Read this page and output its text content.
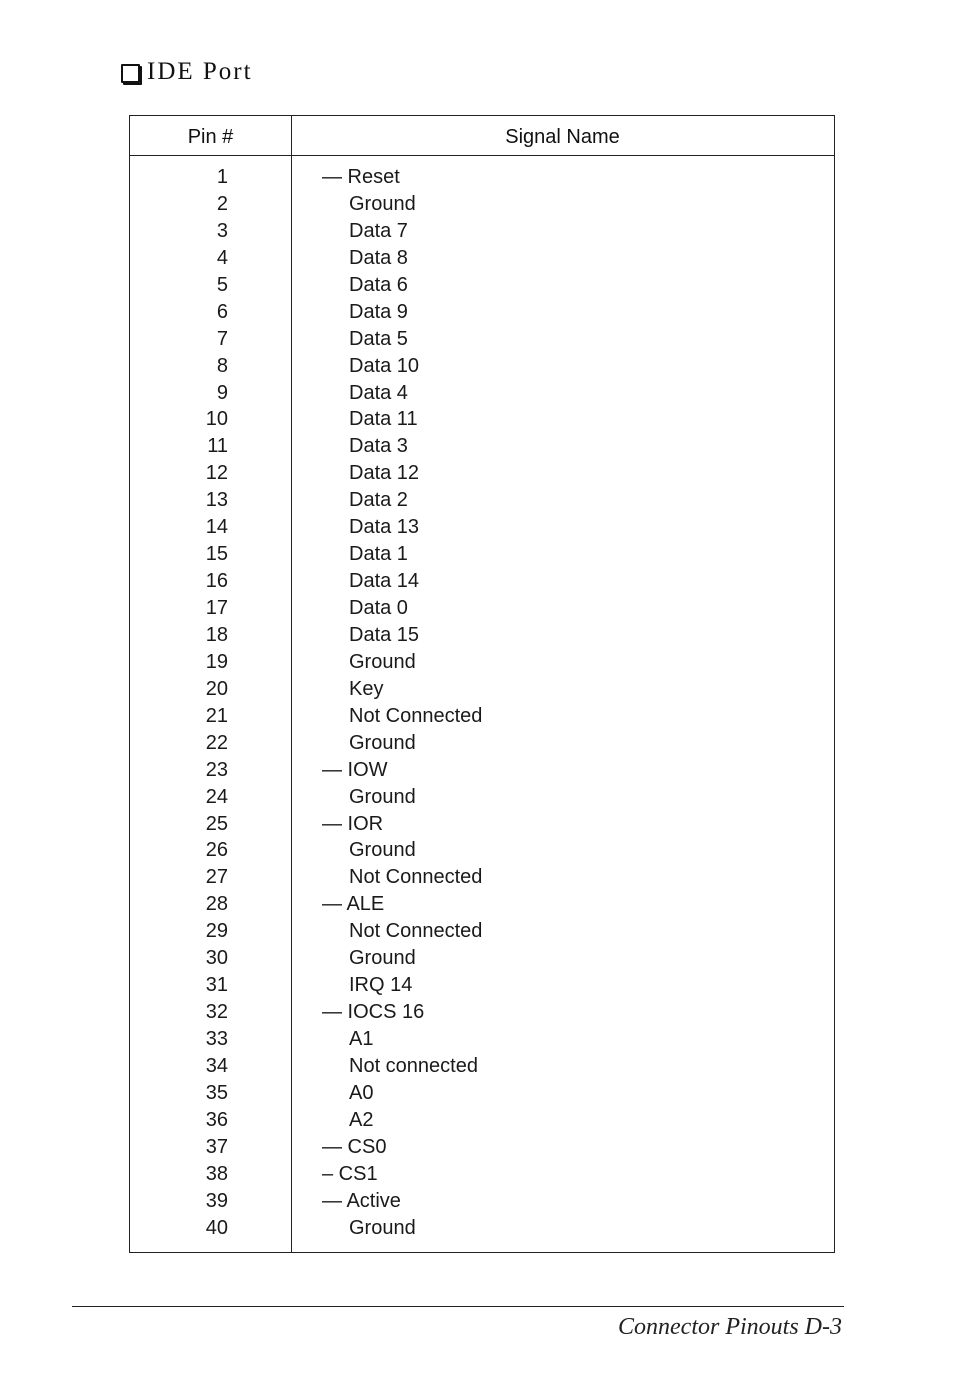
IDE Port
Pin #	Signal Name
1	— Reset
2	Ground
3	Data 7
4	Data 8
5	Data 6
6	Data 9
7	Data 5
8	Data 10
9	Data 4
10	Data 11
11	Data 3
12	Data 12
13	Data 2
14	Data 13
15	Data 1
16	Data 14
17	Data 0
18	Data 15
19	Ground
20	Key
21	Not Connected
22	Ground
23	— IOW
24	Ground
25	— IOR
26	Ground
27	Not Connected
28	— ALE
29	Not Connected
30	Ground
31	IRQ 14
32	— IOCS 16
33	A1
34	Not connected
35	A0
36	A2
37	— CS0
38	– CS1
39	— Active
40	Ground
Connector Pinouts D-3
